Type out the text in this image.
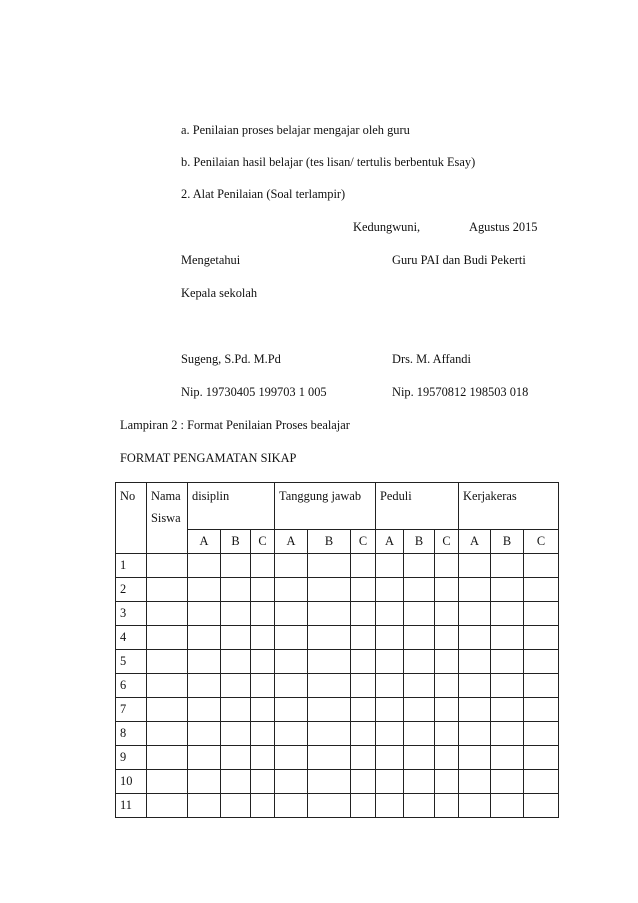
a. Penilaian proses belajar mengajar oleh guru
b. Penilaian hasil belajar (tes lisan/ tertulis berbentuk Esay)
2. Alat Penilaian (Soal terlampir)
Kedungwuni,	Agustus 2015
Mengetahui	Guru PAI dan Budi Pekerti
Kepala sekolah
Sugeng, S.Pd. M.Pd	Drs. M. Affandi
Nip. 19730405 199703 1 005	Nip. 19570812 198503 018
Lampiran 2 : Format Penilaian Proses bealajar
FORMAT PENGAMATAN SIKAP
No	Nama Siswa	disiplin			Tanggung jawab			Peduli			Kerjakeras		
		A	B	C	A	B	C	A	B	C	A	B	C
1													
2													
3													
4													
5													
6													
7													
8													
9													
10													
11													
